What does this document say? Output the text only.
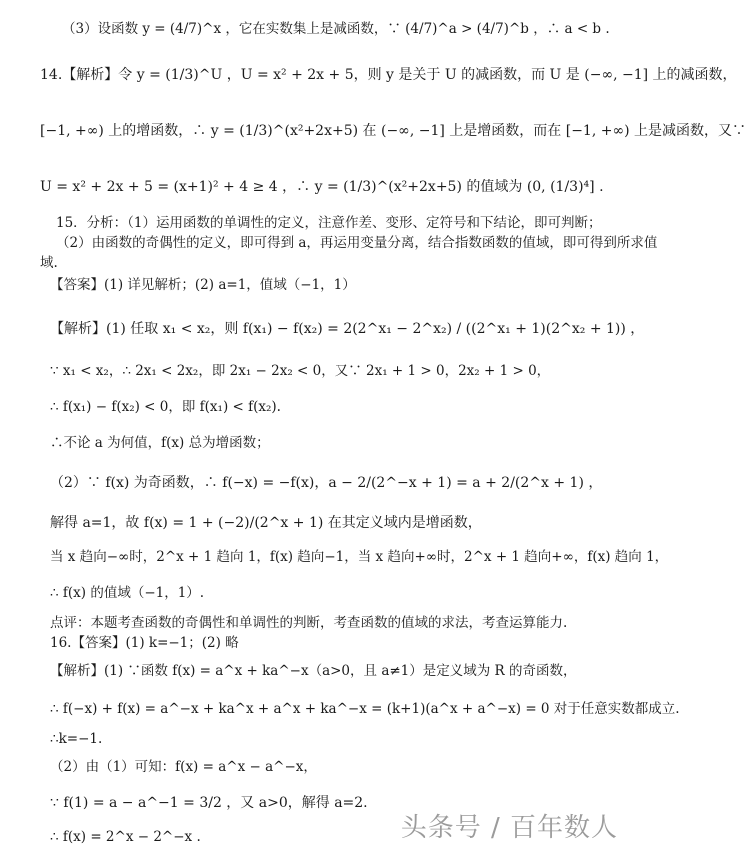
（3）设函数 y = (4/7)^x ，它在实数集上是减函数，∵ (4/7)^a > (4/7)^b ，∴ a < b .
14.【解析】令 y = (1/3)^U ，U = x² + 2x + 5，则 y 是关于 U 的减函数，而 U 是 (−∞, −1] 上的减函数，
[−1, +∞) 上的增函数，∴ y = (1/3)^(x²+2x+5) 在 (−∞, −1] 上是增函数，而在 [−1, +∞) 上是减函数，又∵
U = x² + 2x + 5 = (x+1)² + 4 ≥ 4 ，∴ y = (1/3)^(x²+2x+5) 的值域为 (0, (1/3)⁴] .
15．分析：（1）运用函数的单调性的定义，注意作差、变形、定符号和下结论，即可判断；
（2）由函数的奇偶性的定义，即可得到 a，再运用变量分离，结合指数函数的值域，即可得到所求值
域.
【答案】(1) 详见解析；(2) a=1，值域（−1，1）
【解析】(1) 任取 x₁ < x₂，则 f(x₁) − f(x₂) = 2(2^x₁ − 2^x₂) / ((2^x₁ + 1)(2^x₂ + 1)) ，
∵ x₁ < x₂，∴ 2x₁ < 2x₂，即 2x₁ − 2x₂ < 0，又∵ 2x₁ + 1 > 0，2x₂ + 1 > 0，
∴ f(x₁) − f(x₂) < 0，即 f(x₁) < f(x₂).
∴不论 a 为何值，f(x) 总为增函数；
（2）∵ f(x) 为奇函数，∴ f(−x) = −f(x)，a − 2/(2^−x + 1) = a + 2/(2^x + 1) ，
解得 a=1，故 f(x) = 1 + (−2)/(2^x + 1) 在其定义域内是增函数，
当 x 趋向−∞时，2^x + 1 趋向 1，f(x) 趋向−1，当 x 趋向+∞时，2^x + 1 趋向+∞，f(x) 趋向 1，
∴ f(x) 的值域（−1，1）.
点评：本题考查函数的奇偶性和单调性的判断，考查函数的值域的求法，考查运算能力.
16.【答案】(1) k=−1；(2) 略
【解析】(1) ∵函数 f(x) = a^x + ka^−x（a>0，且 a≠1）是定义域为 R 的奇函数，
∴ f(−x) + f(x) = a^−x + ka^x + a^x + ka^−x = (k+1)(a^x + a^−x) = 0 对于任意实数都成立.
∴k=−1.
（2）由（1）可知：f(x) = a^x − a^−x，
∵ f(1) = a − a^−1 = 3/2 ，又 a>0，解得 a=2.
∴ f(x) = 2^x − 2^−x .	头条号 / 百年数人
